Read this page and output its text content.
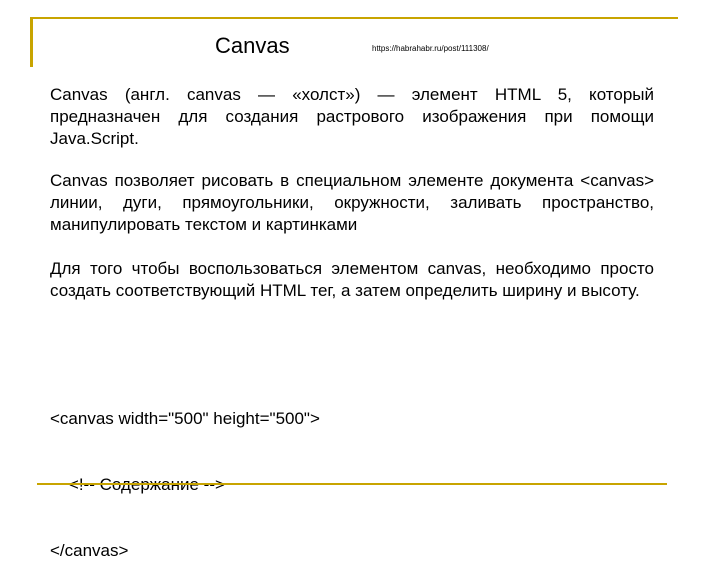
Canvas	https://habrahabr.ru/post/111308/
Canvas (англ. canvas — «холст») — элемент HTML 5, который предназначен для создания растрового изображения при помощи Java.Script.
Canvas позволяет рисовать в специальном элементе документа <canvas> линии, дуги, прямоугольники, окружности, заливать пространство, манипулировать текстом и картинками
Для того чтобы воспользоваться элементом canvas, необходимо просто создать соответствующий HTML тег, а затем определить ширину и высоту.

<canvas width="500" height="500">

</canvas>
